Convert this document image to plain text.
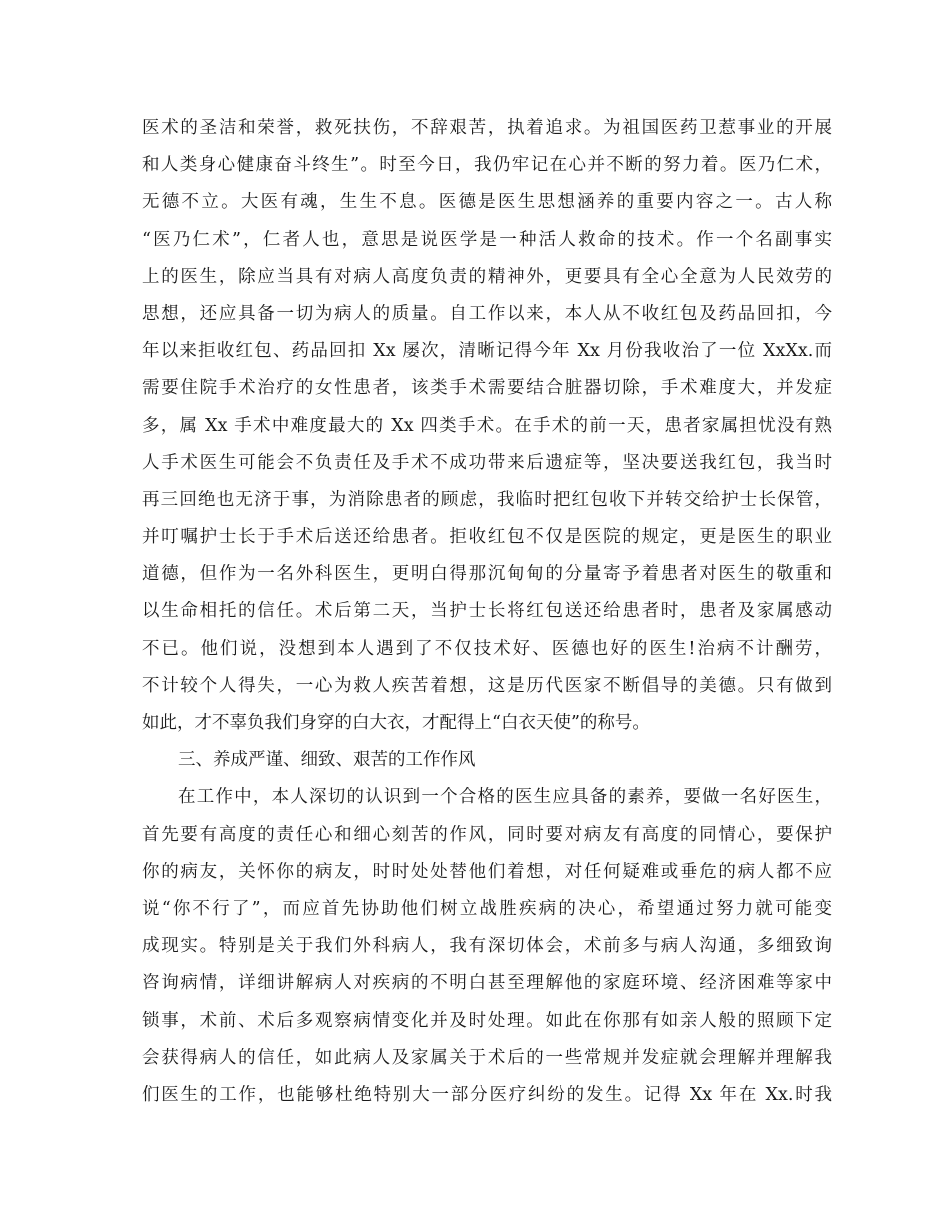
医术的圣洁和荣誉，救死扶伤，不辞艰苦，执着追求。为祖国医药卫惹事业的开展
和人类身心健康奋斗终生”。时至今日，我仍牢记在心并不断的努力着。医乃仁术，
无德不立。大医有魂，生生不息。医德是医生思想涵养的重要内容之一。古人称
“医乃仁术”，仁者人也，意思是说医学是一种活人救命的技术。作一个名副事实
上的医生，除应当具有对病人高度负责的精神外，更要具有全心全意为人民效劳的
思想，还应具备一切为病人的质量。自工作以来，本人从不收红包及药品回扣，今
年以来拒收红包、药品回扣 Xx 屡次，清晰记得今年 Xx 月份我收治了一位 XxXx.而
需要住院手术治疗的女性患者，该类手术需要结合脏器切除，手术难度大，并发症
多，属 Xx 手术中难度最大的 Xx 四类手术。在手术的前一天，患者家属担忧没有熟
人手术医生可能会不负责任及手术不成功带来后遗症等，坚决要送我红包，我当时
再三回绝也无济于事，为消除患者的顾虑，我临时把红包收下并转交给护士长保管，
并叮嘱护士长于手术后送还给患者。拒收红包不仅是医院的规定，更是医生的职业
道德，但作为一名外科医生，更明白得那沉甸甸的分量寄予着患者对医生的敬重和
以生命相托的信任。术后第二天，当护士长将红包送还给患者时，患者及家属感动
不已。他们说，没想到本人遇到了不仅技术好、医德也好的医生!治病不计酬劳，
不计较个人得失，一心为救人疾苦着想，这是历代医家不断倡导的美德。只有做到
如此，才不辜负我们身穿的白大衣，才配得上“白衣天使”的称号。
三、养成严谨、细致、艰苦的工作作风
在工作中，本人深切的认识到一个合格的医生应具备的素养，要做一名好医生，
首先要有高度的责任心和细心刻苦的作风，同时要对病友有高度的同情心，要保护
你的病友，关怀你的病友，时时处处替他们着想，对任何疑难或垂危的病人都不应
说“你不行了”，而应首先协助他们树立战胜疾病的决心，希望通过努力就可能变
成现实。特别是关于我们外科病人，我有深切体会，术前多与病人沟通，多细致询
咨询病情，详细讲解病人对疾病的不明白甚至理解他的家庭环境、经济困难等家中
锁事，术前、术后多观察病情变化并及时处理。如此在你那有如亲人般的照顾下定
会获得病人的信任，如此病人及家属关于术后的一些常规并发症就会理解并理解我
们医生的工作，也能够杜绝特别大一部分医疗纠纷的发生。记得 Xx 年在 Xx.时我
